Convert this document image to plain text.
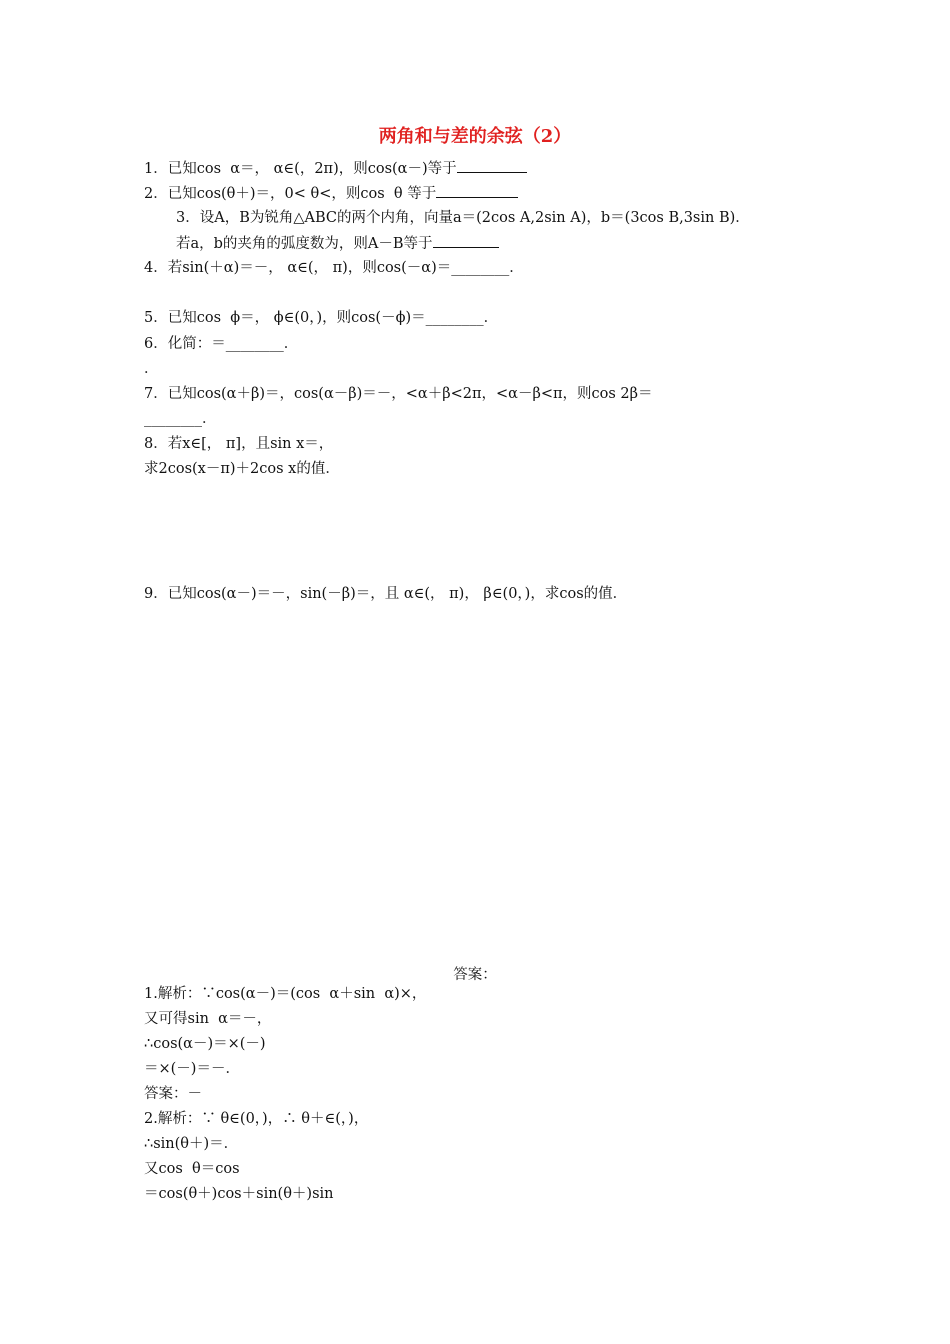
两角和与差的余弦（2）
1．已知cos  α＝， α∈(，2π)，则cos(α－)等于
2．已知cos(θ＋)＝，0< θ<，则cos  θ 等于
3．设A，B为锐角△ABC的两个内角，向量a＝(2cos A,2sin A)，b＝(3cos B,3sin B)．
若a，b的夹角的弧度数为，则A－B等于
4．若sin(＋α)＝－， α∈(， π)，则cos(－α)＝________．
5．已知cos  ϕ＝， ϕ∈(0，)，则cos(－ϕ)＝________．
6．化简：＝________．
．
7．已知cos(α＋β)＝，cos(α－β)＝－，<α＋β<2π，<α－β<π，则cos 2β＝
________．
8．若x∈[， π]，且sin x＝，
求2cos(x－π)＋2cos x的值．
9．已知cos(α－)＝－，sin(－β)＝，且 α∈(， π)， β∈(0，)，求cos的值．
答案：
1.解析：∵cos(α－)＝(cos  α＋sin  α)×，
又可得sin  α＝－，
∴cos(α－)＝×(－)
＝×(－)＝－．
答案：－
2.解析：∵ θ∈(0，)，∴ θ＋∈(，)，
∴sin(θ＋)＝．
又cos  θ＝cos
＝cos(θ＋)cos＋sin(θ＋)sin
